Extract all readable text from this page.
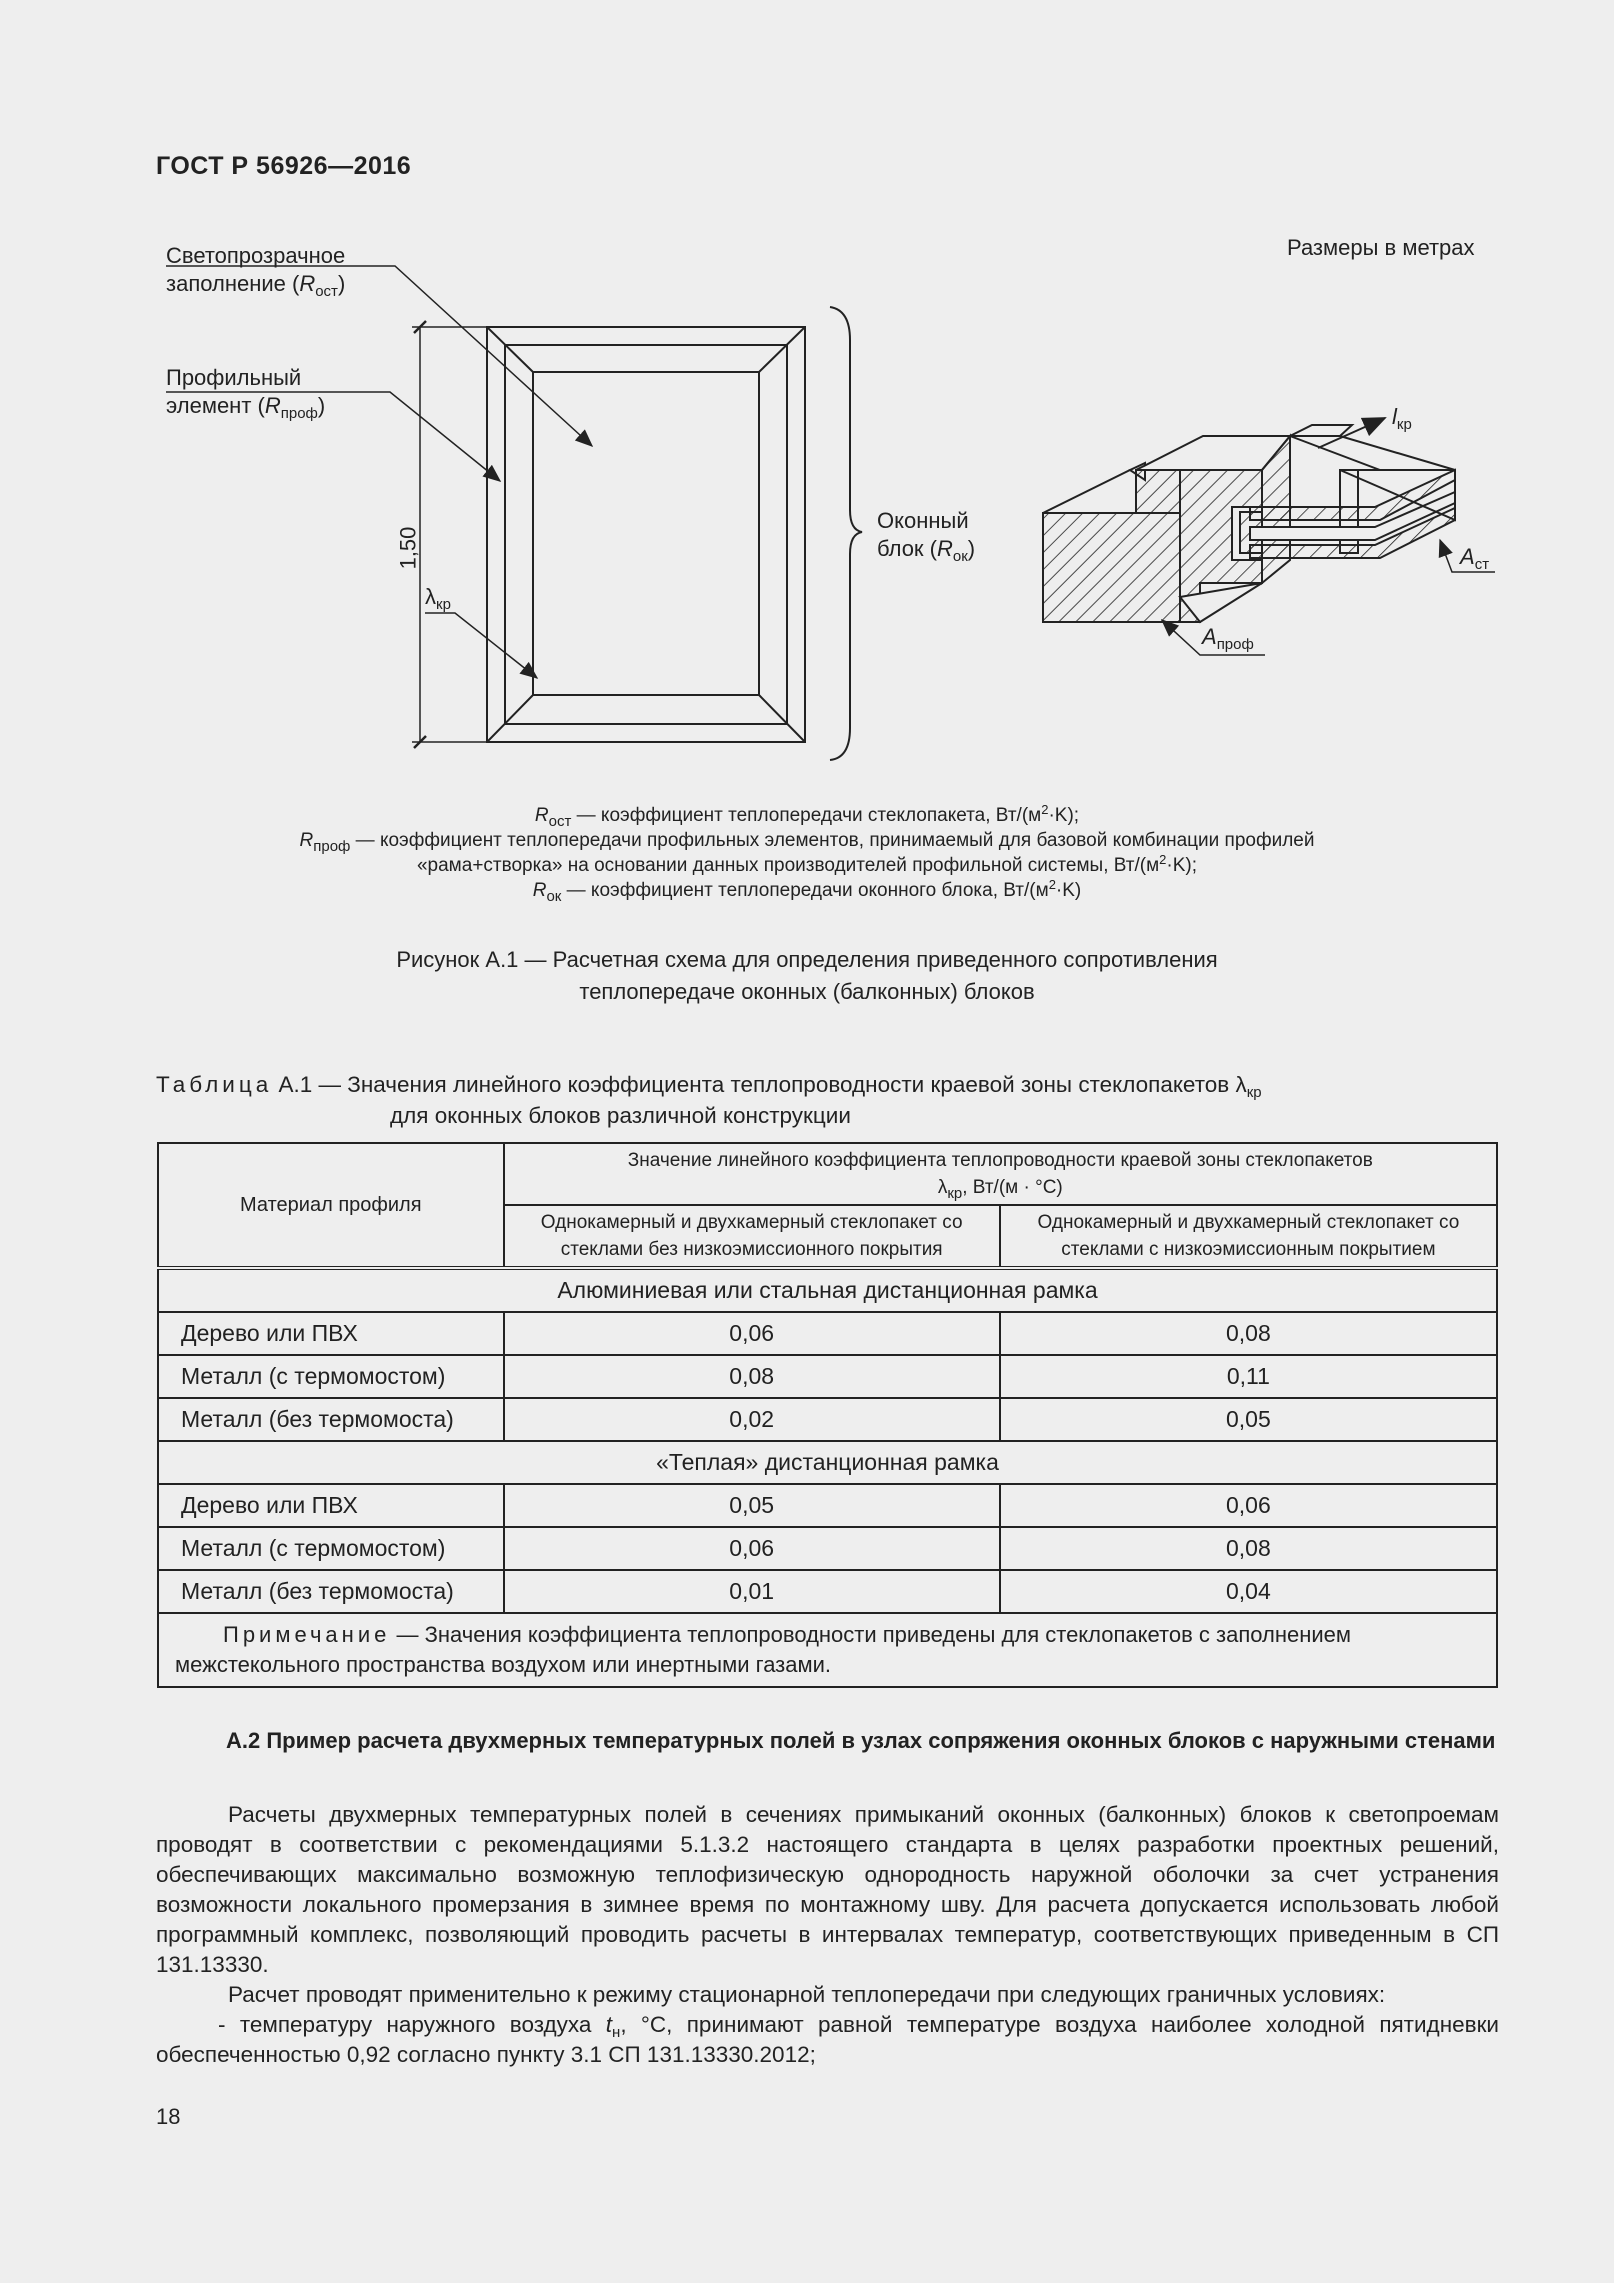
ГОСТ Р 56926—2016
Размеры в метрах
Светопрозрачное
заполнение $(R_{ост})$
Профильный
элемент $(R_{проф})$
Оконный
блок $(R_{ок})$
1,50
$\lambda_{кр}$
$l_{кр}$
$A_{ст}$
$A_{проф}$
$R_{ост}$ — коэффициент теплопередачи стеклопакета, $Вт/(м^2\cdot K)$;
$R_{проф}$ — коэффициент теплопередачи профильных элементов, принимаемый для базовой комбинации профилей
«рама+створка» на основании данных производителей профильной системы, $Вт/(м^2\cdot K)$;
$R_{ок}$ — коэффициент теплопередачи оконного блока, $Вт/(м^2\cdot K)$
Рисунок А.1 — Расчетная схема для определения приведенного сопротивления
теплопередаче оконных (балконных) блоков
Таблица А.1 — Значения линейного коэффициента теплопроводности краевой зоны стеклопакетов $\lambda_{кр}$
для оконных блоков различной конструкции
Материал профиля	Значение линейного коэффициента теплопроводности краевой зоны стеклопакетов
$\lambda_{кр}$, Вт/(м · °С)	

	Однокамерный и двухкамерный стеклопакет со стеклами без низкоэмиссионного покрытия	Однокамерный и двухкамерный стеклопакет со стеклами с низкоэмиссионным покрытием
Алюминиевая или стальная дистанционная рамка		
Дерево или ПВХ	0,06	0,08
Металл (с термомостом)	0,08	0,11
Металл (без термомоста)	0,02	0,05
«Теплая» дистанционная рамка		
Дерево или ПВХ	0,05	0,06
Металл (с термомостом)	0,06	0,08
Металл (без термомоста)	0,01	0,04
Примечание — Значения коэффициента теплопроводности приведены для стеклопакетов с заполнением межстекольного пространства воздухом или инертными газами.		
А.2 Пример расчета двухмерных температурных полей в узлах сопряжения оконных блоков с наружными стенами
Расчеты двухмерных температурных полей в сечениях примыканий оконных (балконных) блоков к светопроемам проводят в соответствии с рекомендациями 5.1.3.2 настоящего стандарта в целях разработки проектных решений, обеспечивающих максимально возможную теплофизическую однородность наружной оболочки за счет устранения возможности локального промерзания в зимнее время по монтажному шву. Для расчета допускается использовать любой программный комплекс, позволяющий проводить расчеты в интервалах температур, соответствующих приведенным в СП 131.13330.
Расчет проводят применительно к режиму стационарной теплопередачи при следующих граничных условиях:
- температуру наружного воздуха $t_н$, °С, принимают равной температуре воздуха наиболее холодной пятидневки обеспеченностью 0,92 согласно пункту 3.1 СП 131.13330.2012;
18
